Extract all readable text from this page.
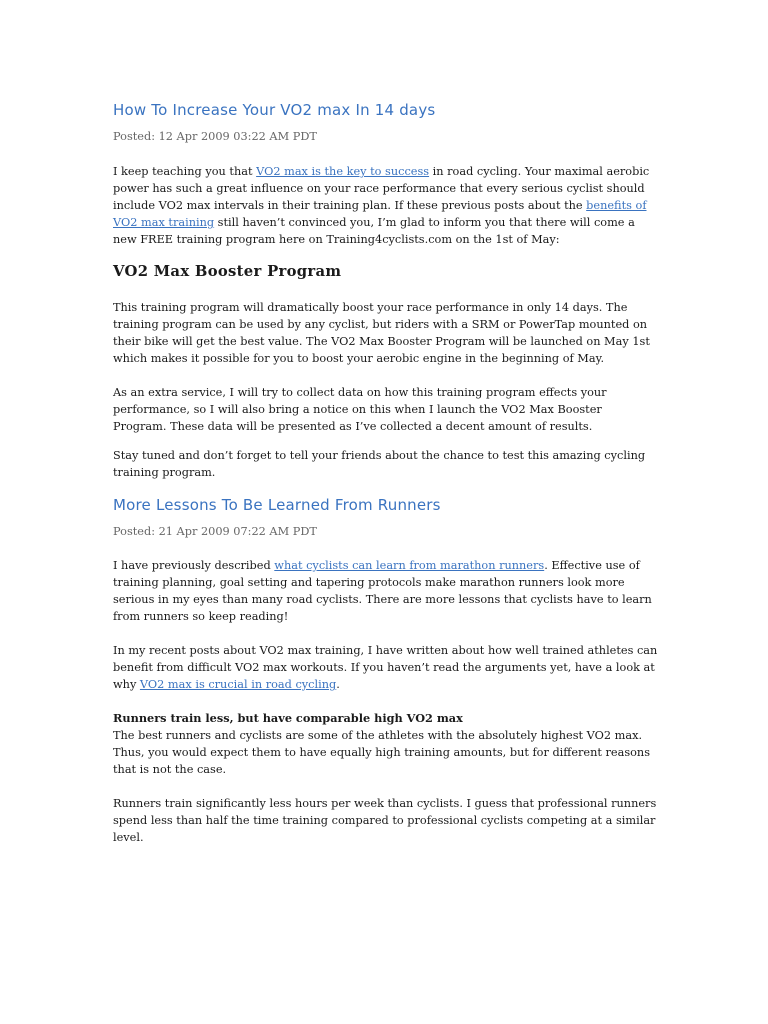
How To Increase Your VO2 max In 14 days
Posted: 12 Apr 2009 03:22 AM PDT

I keep teaching you that VO2 max is the key to success in road cycling. Your maximal aerobic power has such a great influence on your race performance that every serious cyclist should include VO2 max intervals in their training plan. If these previous posts about the benefits of VO2 max training still haven’t convinced you, I’m glad to inform you that there will come a new FREE training program here on Training4cyclists.com on the 1st of May:

VO2 Max Booster Program

This training program will dramatically boost your race performance in only 14 days. The training program can be used by any cyclist, but riders with a SRM or PowerTap mounted on their bike will get the best value. The VO2 Max Booster Program will be launched on May 1st which makes it possible for you to boost your aerobic engine in the beginning of May.

As an extra service, I will try to collect data on how this training program effects your performance, so I will also bring a notice on this when I launch the VO2 Max Booster Program. These data will be presented as I’ve collected a decent amount of results.

Stay tuned and don’t forget to tell your friends about the chance to test this amazing cycling training program.

More Lessons To Be Learned From Runners
Posted: 21 Apr 2009 07:22 AM PDT

I have previously described what cyclists can learn from marathon runners. Effective use of training planning, goal setting and tapering protocols make marathon runners look more serious in my eyes than many road cyclists. There are more lessons that cyclists have to learn from runners so keep reading!

In my recent posts about VO2 max training, I have written about how well trained athletes can benefit from difficult VO2 max workouts. If you haven’t read the arguments yet, have a look at why VO2 max is crucial in road cycling.

Runners train less, but have comparable high VO2 max

The best runners and cyclists are some of the athletes with the absolutely highest VO2 max. Thus, you would expect them to have equally high training amounts, but for different reasons that is not the case.

Runners train significantly less hours per week than cyclists. I guess that professional runners spend less than half the time training compared to professional cyclists competing at a similar level.
